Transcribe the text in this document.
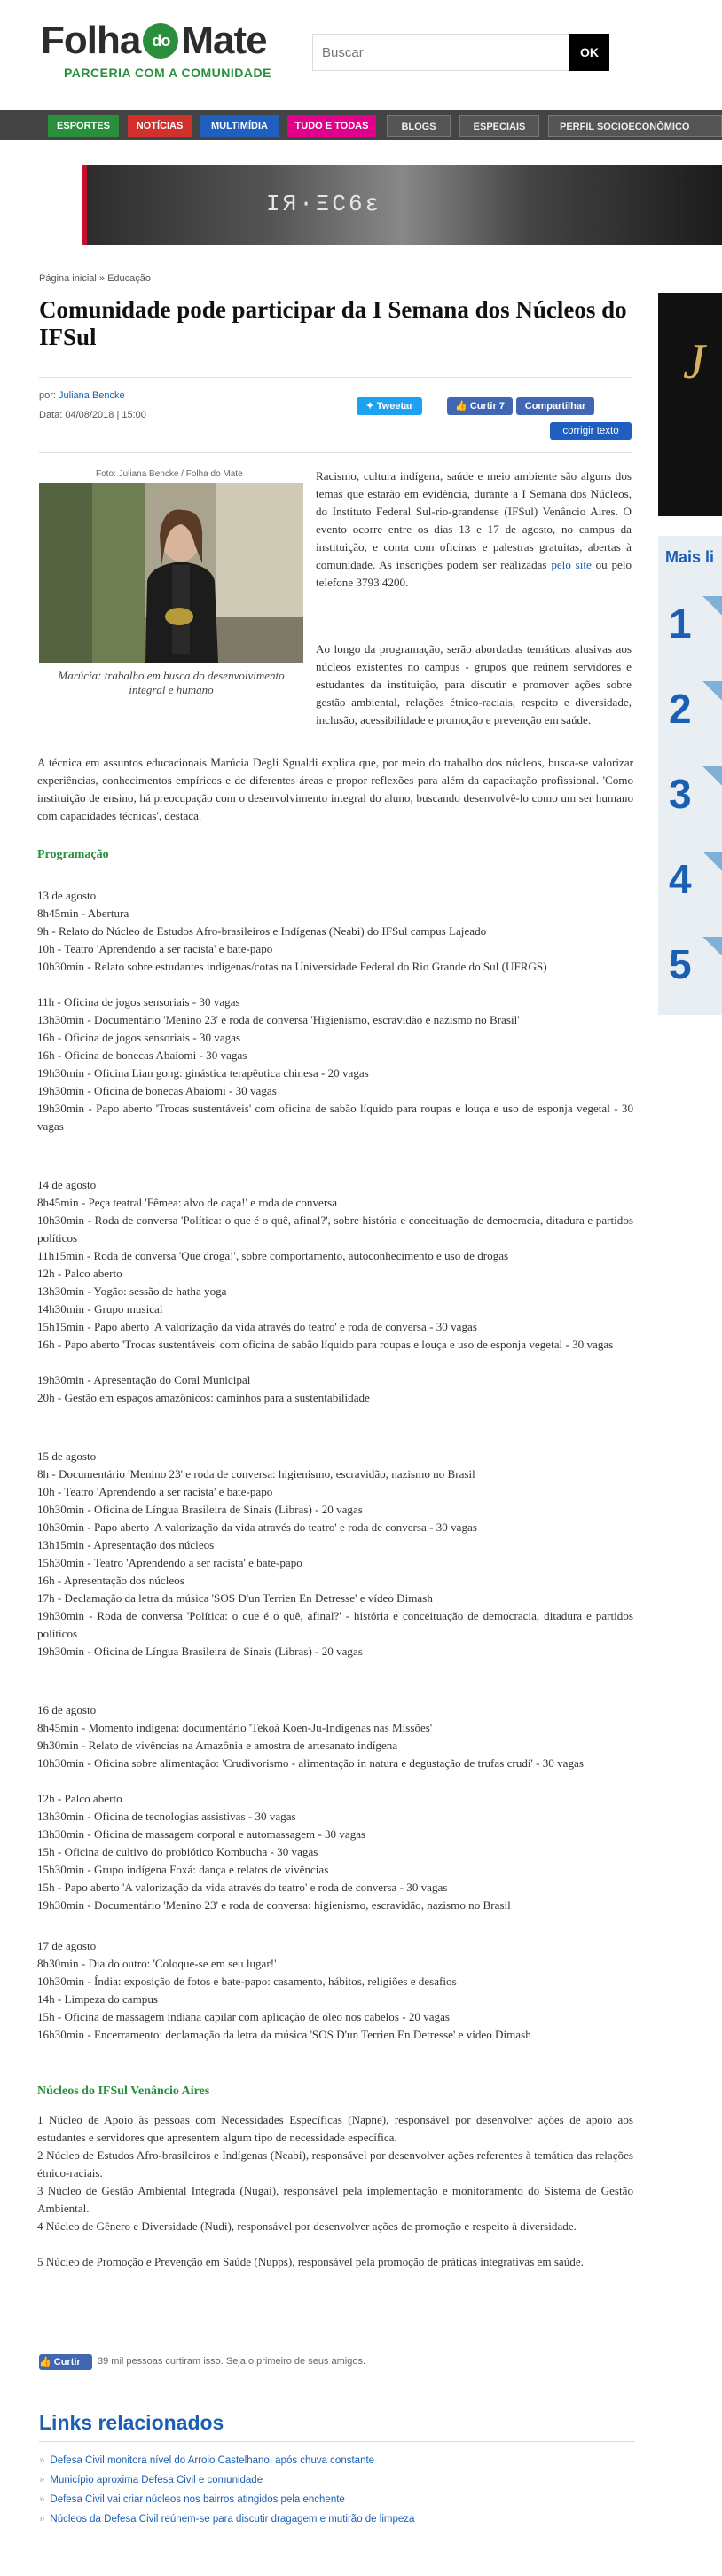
Folha do Mate
PARCERIA COM A COMUNIDADE
Buscar
OK
ESPORTES	NOTÍCIAS	MULTIMÍDIA	TUDO E TODAS	BLOGS	ESPECIAIS	PERFIL SOCIOECONÔMICO
IЯ·ΞC6ε
Página inicial » Educação
Comunidade pode participar da I Semana dos Núcleos do IFSul
por: Juliana Bencke
Data: 04/08/2018 | 15:00
✦ Tweetar	👍 Curtir 7	Compartilhar
corrigir texto
Foto: Juliana Bencke / Folha do Mate
Marúcia: trabalho em busca do desenvolvimento integral e humano
Racismo, cultura indígena, saúde e meio ambiente são alguns dos temas que estarão em evidência, durante a I Semana dos Núcleos, do Instituto Federal Sul-rio-grandense (IFSul) Venâncio Aires. O evento ocorre entre os dias 13 e 17 de agosto, no campus da instituição, e conta com oficinas e palestras gratuitas, abertas à comunidade. As inscrições podem ser realizadas pelo site ou pelo telefone 3793 4200.
Ao longo da programação, serão abordadas temáticas alusivas aos núcleos existentes no campus - grupos que reúnem servidores e estudantes da instituição, para discutir e promover ações sobre gestão ambiental, relações étnico-raciais, respeito e diversidade, inclusão, acessibilidade e promoção e prevenção em saúde.
A técnica em assuntos educacionais Marúcia Degli Sgualdi explica que, por meio do trabalho dos núcleos, busca-se valorizar experiências, conhecimentos empíricos e de diferentes áreas e propor reflexões para além da capacitação profissional. 'Como instituição de ensino, há preocupação com o desenvolvimento integral do aluno, buscando desenvolvê-lo como um ser humano com capacidades técnicas', destaca.
Programação
13 de agosto
8h45min - Abertura
9h - Relato do Núcleo de Estudos Afro-brasileiros e Indígenas (Neabi) do IFSul campus Lajeado
10h - Teatro 'Aprendendo a ser racista' e bate-papo
10h30min - Relato sobre estudantes indígenas/cotas na Universidade Federal do Rio Grande do Sul (UFRGS)
11h - Oficina de jogos sensoriais - 30 vagas
13h30min - Documentário 'Menino 23' e roda de conversa 'Higienismo, escravidão e nazismo no Brasil'
16h - Oficina de jogos sensoriais - 30 vagas
16h - Oficina de bonecas Abaiomi - 30 vagas
19h30min - Oficina Lian gong: ginástica terapêutica chinesa - 20 vagas
19h30min - Oficina de bonecas Abaiomi - 30 vagas
19h30min - Papo aberto 'Trocas sustentáveis' com oficina de sabão líquido para roupas e louça e uso de esponja vegetal - 30 vagas
14 de agosto
8h45min - Peça teatral 'Fêmea: alvo de caça!' e roda de conversa
10h30min - Roda de conversa 'Política: o que é o quê, afinal?', sobre história e conceituação de democracia, ditadura e partidos políticos
11h15min - Roda de conversa 'Que droga!', sobre comportamento, autoconhecimento e uso de drogas
12h - Palco aberto
13h30min - Yogão: sessão de hatha yoga
14h30min - Grupo musical
15h15min - Papo aberto 'A valorização da vida através do teatro' e roda de conversa - 30 vagas
16h - Papo aberto 'Trocas sustentáveis' com oficina de sabão líquido para roupas e louça e uso de esponja vegetal - 30 vagas
19h30min - Apresentação do Coral Municipal
20h - Gestão em espaços amazônicos: caminhos para a sustentabilidade
15 de agosto
8h - Documentário 'Menino 23' e roda de conversa: higienismo, escravidão, nazismo no Brasil
10h - Teatro 'Aprendendo a ser racista' e bate-papo
10h30min - Oficina de Língua Brasileira de Sinais (Libras) - 20 vagas
10h30min - Papo aberto 'A valorização da vida através do teatro' e roda de conversa - 30 vagas
13h15min - Apresentação dos núcleos
15h30min - Teatro 'Aprendendo a ser racista' e bate-papo
16h - Apresentação dos núcleos
17h - Declamação da letra da música 'SOS D'un Terrien En Detresse' e vídeo Dimash
19h30min - Roda de conversa 'Política: o que é o quê, afinal?' - história e conceituação de democracia, ditadura e partidos políticos
19h30min - Oficina de Língua Brasileira de Sinais (Libras) - 20 vagas
16 de agosto
8h45min - Momento indígena: documentário 'Tekoá Koen-Ju-Indígenas nas Missões'
9h30min - Relato de vivências na Amazônia e amostra de artesanato indígena
10h30min - Oficina sobre alimentação: 'Crudivorismo - alimentação in natura e degustação de trufas crudi' - 30 vagas
12h - Palco aberto
13h30min - Oficina de tecnologias assistivas - 30 vagas
13h30min - Oficina de massagem corporal e automassagem - 30 vagas
15h - Oficina de cultivo do probiótico Kombucha - 30 vagas
15h30min - Grupo indígena Foxá: dança e relatos de vivências
15h - Papo aberto 'A valorização da vida através do teatro' e roda de conversa - 30 vagas
19h30min - Documentário 'Menino 23' e roda de conversa: higienismo, escravidão, nazismo no Brasil
17 de agosto
8h30min - Dia do outro: 'Coloque-se em seu lugar!'
10h30min - Índia: exposição de fotos e bate-papo: casamento, hábitos, religiões e desafios
14h - Limpeza do campus
15h - Oficina de massagem indiana capilar com aplicação de óleo nos cabelos - 20 vagas
16h30min - Encerramento: declamação da letra da música 'SOS D'un Terrien En Detresse' e vídeo Dimash
Núcleos do IFSul Venâncio Aires
1 Núcleo de Apoio às pessoas com Necessidades Específicas (Napne), responsável por desenvolver ações de apoio aos estudantes e servidores que apresentem algum tipo de necessidade específica.
2 Núcleo de Estudos Afro-brasileiros e Indígenas (Neabi), responsável por desenvolver ações referentes à temática das relações étnico-raciais.
3 Núcleo de Gestão Ambiental Integrada (Nugai), responsável pela implementação e monitoramento do Sistema de Gestão Ambiental.
4 Núcleo de Gênero e Diversidade (Nudi), responsável por desenvolver ações de promoção e respeito à diversidade.
5 Núcleo de Promoção e Prevenção em Saúde (Nupps), responsável pela promoção de práticas integrativas em saúde.
👍 Curtir	39 mil pessoas curtiram isso. Seja o primeiro de seus amigos.
Links relacionados
» Defesa Civil monitora nível do Arroio Castelhano, após chuva constante
» Município aproxima Defesa Civil e comunidade
» Defesa Civil vai criar núcleos nos bairros atingidos pela enchente
» Núcleos da Defesa Civil reúnem-se para discutir dragagem e mutirão de limpeza
J
Mais li
1
2
3
4
5
